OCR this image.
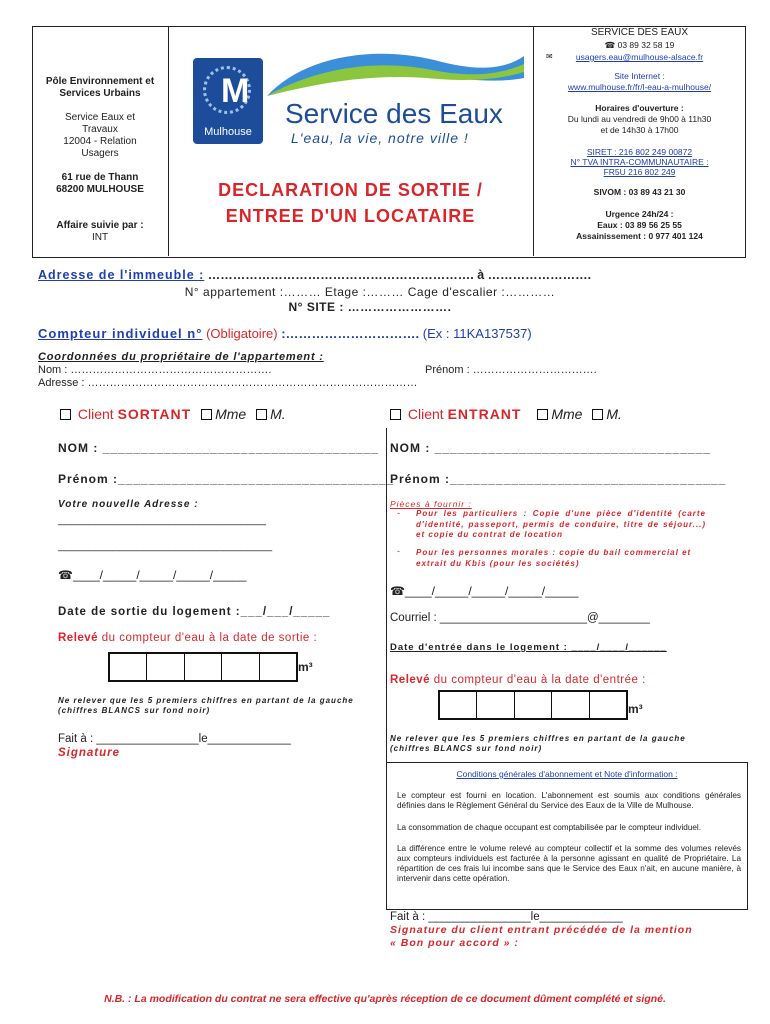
Pôle Environnement et Services Urbains
Service Eaux et
Travaux
12004 - Relation
Usagers
61 rue de Thann
68200 MULHOUSE
Affaire suivie par :
INT
M
Mulhouse
Service des Eaux
L'eau, la vie, notre ville !
DECLARATION DE SORTIE /
ENTREE D'UN LOCATAIRE
SERVICE DES EAUX
☎ 03 89 32 58 19
✉	usagers.eau@mulhouse-alsace.fr
Site Internet :
www.mulhouse.fr/fr/l-eau-a-mulhouse/
Horaires d'ouverture :
Du lundi au vendredi de 9h00 à 11h30
et de 14h30 à 17h00
SIRET : 216 802 249 00872
N° TVA INTRA-COMMUNAUTAIRE :
FR5U 216 802 249
SIVOM : 03 89 43 21 30
Urgence 24h/24 :
Eaux : 03 89 56 25 55
Assainissement : 0 977 401 124
Adresse de l'immeuble : ………………………………………………………. à …………………….
N° appartement :……… Etage :……… Cage d'escalier :…………
N° SITE : …………………….
Compteur individuel n° (Obligatoire) :…………………………. (Ex : 11KA137537)
Coordonnées du propriétaire de l'appartement :
Nom : ……………………………………………….	Prénom : …………………………….
Adresse : ………………………………………………………………………………
Client SORTANT Mme M.
NOM : ____________________________________
Prénom :____________________________________
Votre nouvelle Adresse :
__________________________________
___________________________________
☎____/_____/_____/_____/_____
Date de sortie du logement :___/___/_____
Relevé du compteur d'eau à la date de sortie :
m³
Ne relever que les 5 premiers chiffres en partant de la gauche (chiffres BLANCS sur fond noir)
Fait à : ________________le_____________
Signature
Client ENTRANT Mme M.
NOM : ____________________________________
Prénom :____________________________________
Pièces à fournir :
- Pour les particuliers : Copie d'une pièce d'identité (carte d'identité, passeport, permis de conduire, titre de séjour...) et copie du contrat de location
- Pour les personnes morales : copie du bail commercial et extrait du Kbis (pour les sociétés)
☎____/_____/_____/_____/_____
Courriel : _______________________@________
Date d'entrée dans le logement : ____/____/______
Relevé du compteur d'eau à la date d'entrée :
m³
Ne relever que les 5 premiers chiffres en partant de la gauche (chiffres BLANCS sur fond noir)
Conditions générales d'abonnement et Note d'information :
Le compteur est fourni en location. L'abonnement est soumis aux conditions générales définies dans le Règlement Général du Service des Eaux de la Ville de Mulhouse.
La consommation de chaque occupant est comptabilisée par le compteur individuel.
La différence entre le volume relevé au compteur collectif et la somme des volumes relevés aux compteurs individuels est facturée à la personne agissant en qualité de Propriétaire. La répartition de ces frais lui incombe sans que le Service des Eaux n'ait, en aucune manière, à intervenir dans cette opération.
Fait à : ________________le_____________
Signature du client entrant précédée de la mention « Bon pour accord » :
N.B. : La modification du contrat ne sera effective qu'après réception de ce document dûment complété et signé.
